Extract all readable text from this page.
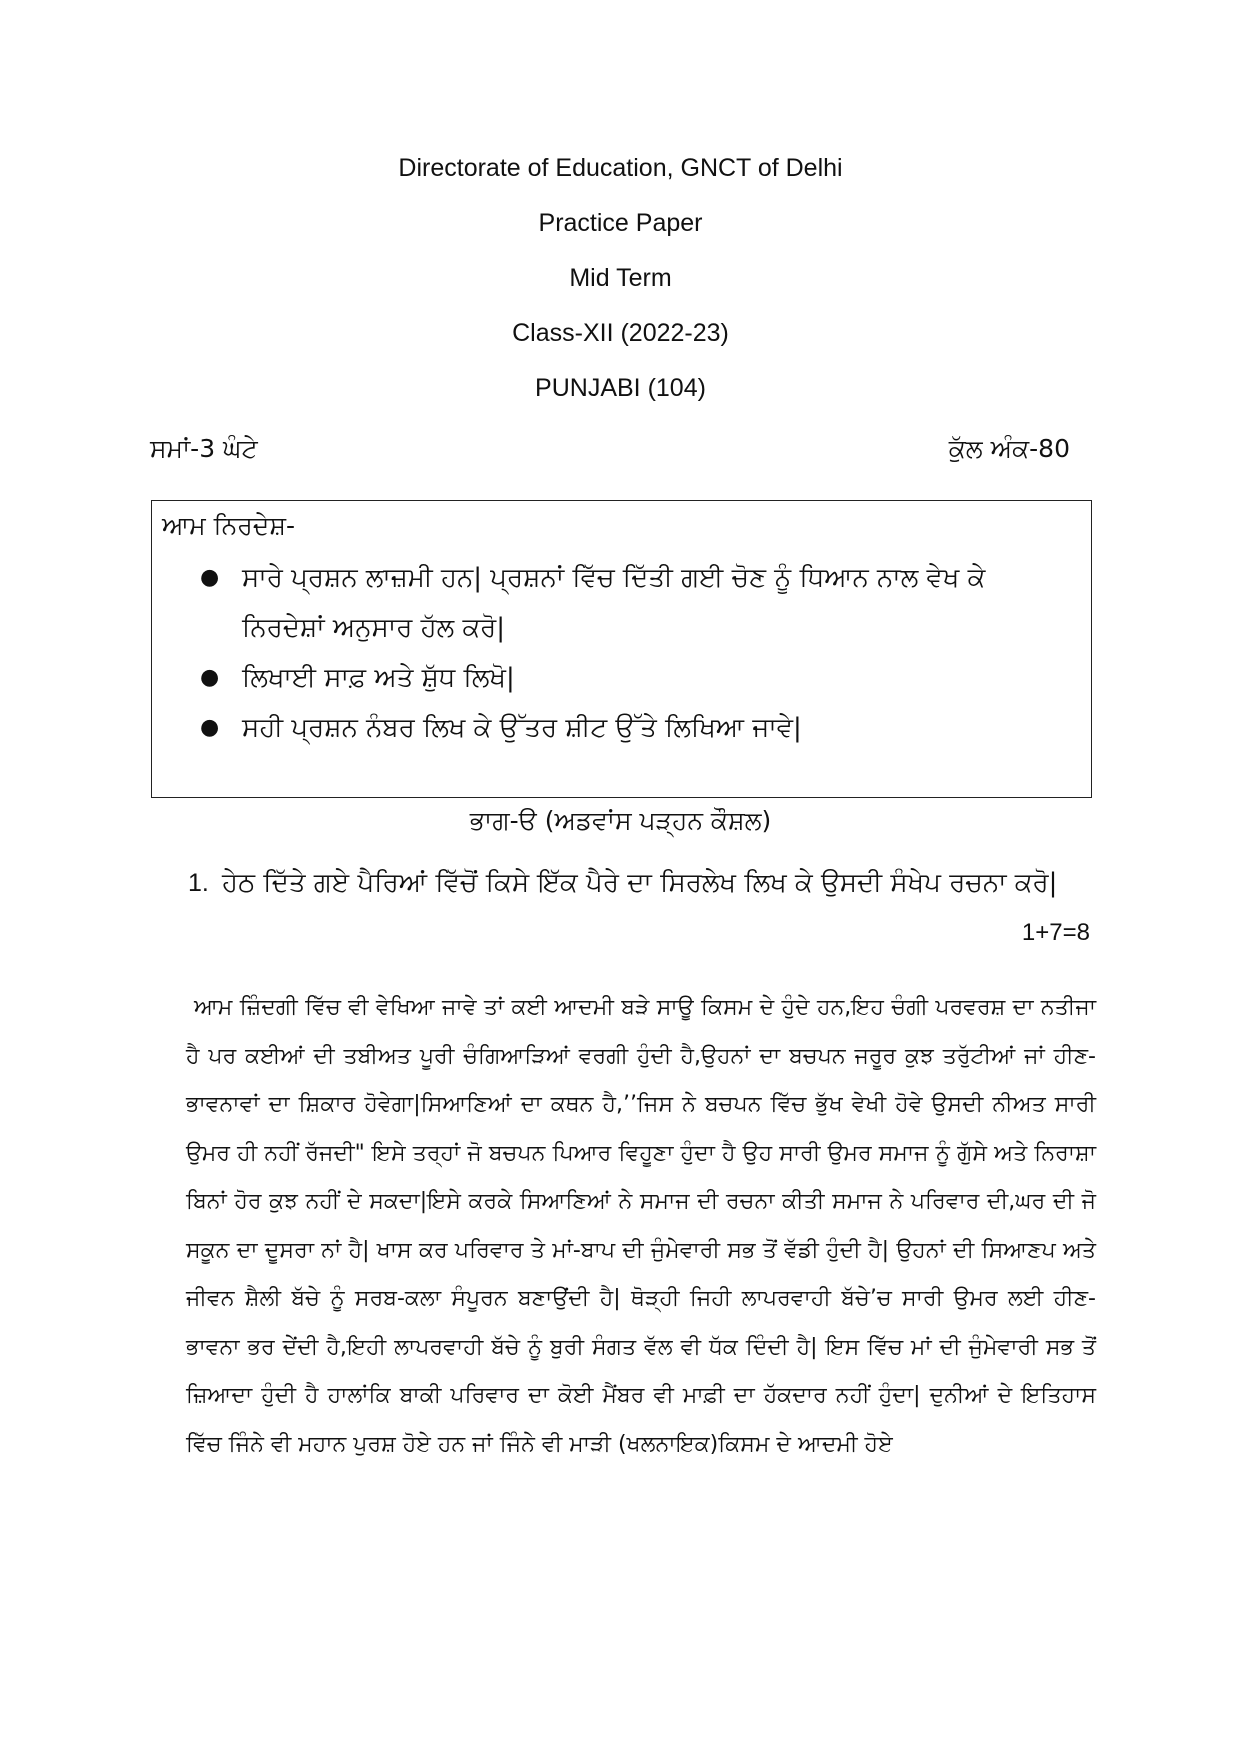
Directorate of Education, GNCT of Delhi
Practice Paper
Mid Term
Class-XII (2022-23)
PUNJABI (104)
ਸਮਾਂ-3 ਘੰਟੇ	ਕੁੱਲ ਅੰਕ-80
ਆਮ ਨਿਰਦੇਸ਼-
● ਸਾਰੇ ਪ੍ਰਸ਼ਨ ਲਾਜ਼ਮੀ ਹਨ| ਪ੍ਰਸ਼ਨਾਂ ਵਿੱਚ ਦਿੱਤੀ ਗਈ ਚੋਣ ਨੂੰ ਧਿਆਨ ਨਾਲ ਵੇਖ ਕੇ ਨਿਰਦੇਸ਼ਾਂ ਅਨੁਸਾਰ ਹੱਲ ਕਰੋ|
● ਲਿਖਾਈ ਸਾਫ਼ ਅਤੇ ਸ਼ੁੱਧ ਲਿਖੋ|
● ਸਹੀ ਪ੍ਰਸ਼ਨ ਨੰਬਰ ਲਿਖ ਕੇ ਉੱਤਰ ਸ਼ੀਟ ਉੱਤੇ ਲਿਖਿਆ ਜਾਵੇ|
ਭਾਗ-ੳ (ਅਡਵਾਂਸ ਪੜ੍ਹਨ ਕੌਸ਼ਲ)
1. ਹੇਠ ਦਿੱਤੇ ਗਏ ਪੈਰਿਆਂ ਵਿੱਚੋਂ ਕਿਸੇ ਇੱਕ ਪੈਰੇ ਦਾ ਸਿਰਲੇਖ ਲਿਖ ਕੇ ਉਸਦੀ ਸੰਖੇਪ ਰਚਨਾ ਕਰੋ|
1+7=8

ਆਮ ਜ਼ਿੰਦਗੀ ਵਿੱਚ ਵੀ ਵੇਖਿਆ ਜਾਵੇ ਤਾਂ ਕਈ ਆਦਮੀ ਬੜੇ ਸਾਊ ਕਿਸਮ ਦੇ ਹੁੰਦੇ ਹਨ,ਇਹ ਚੰਗੀ ਪਰਵਰਸ਼ ਦਾ ਨਤੀਜਾ ਹੈ ਪਰ ਕਈਆਂ ਦੀ ਤਬੀਅਤ ਪੂਰੀ ਚੰਗਿਆੜਿਆਂ ਵਰਗੀ ਹੁੰਦੀ ਹੈ,ਉਹਨਾਂ ਦਾ ਬਚਪਨ ਜਰੂਰ ਕੁਝ ਤਰੁੱਟੀਆਂ ਜਾਂ ਹੀਣ-ਭਾਵਨਾਵਾਂ ਦਾ ਸ਼ਿਕਾਰ ਹੋਵੇਗਾ|ਸਿਆਣਿਆਂ ਦਾ ਕਥਨ ਹੈ,’’ਜਿਸ ਨੇ ਬਚਪਨ ਵਿੱਚ ਭੁੱਖ ਵੇਖੀ ਹੋਵੇ ਉਸਦੀ ਨੀਅਤ ਸਾਰੀ ਉਮਰ ਹੀ ਨਹੀਂ ਰੱਜਦੀ" ਇਸੇ ਤਰ੍ਹਾਂ ਜੋ ਬਚਪਨ ਪਿਆਰ ਵਿਹੂਣਾ ਹੁੰਦਾ ਹੈ ਉਹ ਸਾਰੀ ਉਮਰ ਸਮਾਜ ਨੂੰ ਗੁੱਸੇ ਅਤੇ ਨਿਰਾਸ਼ਾ ਬਿਨਾਂ ਹੋਰ ਕੁਝ ਨਹੀਂ ਦੇ ਸਕਦਾ|ਇਸੇ ਕਰਕੇ ਸਿਆਣਿਆਂ ਨੇ ਸਮਾਜ ਦੀ ਰਚਨਾ ਕੀਤੀ ਸਮਾਜ ਨੇ ਪਰਿਵਾਰ ਦੀ,ਘਰ ਦੀ ਜੋ ਸਕੂਨ ਦਾ ਦੂਸਰਾ ਨਾਂ ਹੈ| ਖਾਸ ਕਰ ਪਰਿਵਾਰ ਤੇ ਮਾਂ-ਬਾਪ ਦੀ ਜੁੰਮੇਵਾਰੀ ਸਭ ਤੋਂ ਵੱਡੀ ਹੁੰਦੀ ਹੈ| ਉਹਨਾਂ ਦੀ ਸਿਆਣਪ ਅਤੇ ਜੀਵਨ ਸ਼ੈਲੀ ਬੱਚੇ ਨੂੰ ਸਰਬ-ਕਲਾ ਸੰਪੂਰਨ ਬਣਾਉਂਦੀ ਹੈ| ਥੋੜ੍ਹੀ ਜਿਹੀ ਲਾਪਰਵਾਹੀ ਬੱਚੇ’ਚ ਸਾਰੀ ਉਮਰ ਲਈ ਹੀਣ-ਭਾਵਨਾ ਭਰ ਦੇਂਦੀ ਹੈ,ਇਹੀ ਲਾਪਰਵਾਹੀ ਬੱਚੇ ਨੂੰ ਬੁਰੀ ਸੰਗਤ ਵੱਲ ਵੀ ਧੱਕ ਦਿੰਦੀ ਹੈ| ਇਸ ਵਿੱਚ ਮਾਂ ਦੀ ਜੁੰਮੇਵਾਰੀ ਸਭ ਤੋਂ ਜ਼ਿਆਦਾ ਹੁੰਦੀ ਹੈ ਹਾਲਾਂਕਿ ਬਾਕੀ ਪਰਿਵਾਰ ਦਾ ਕੋਈ ਮੈਂਬਰ ਵੀ ਮਾਫ਼ੀ ਦਾ ਹੱਕਦਾਰ ਨਹੀਂ ਹੁੰਦਾ| ਦੁਨੀਆਂ ਦੇ ਇਤਿਹਾਸ ਵਿੱਚ ਜਿੰਨੇ ਵੀ ਮਹਾਨ ਪੁਰਸ਼ ਹੋਏ ਹਨ ਜਾਂ ਜਿੰਨੇ ਵੀ ਮਾੜੀ (ਖਲਨਾਇਕ)ਕਿਸਮ ਦੇ ਆਦਮੀ ਹੋਏ
